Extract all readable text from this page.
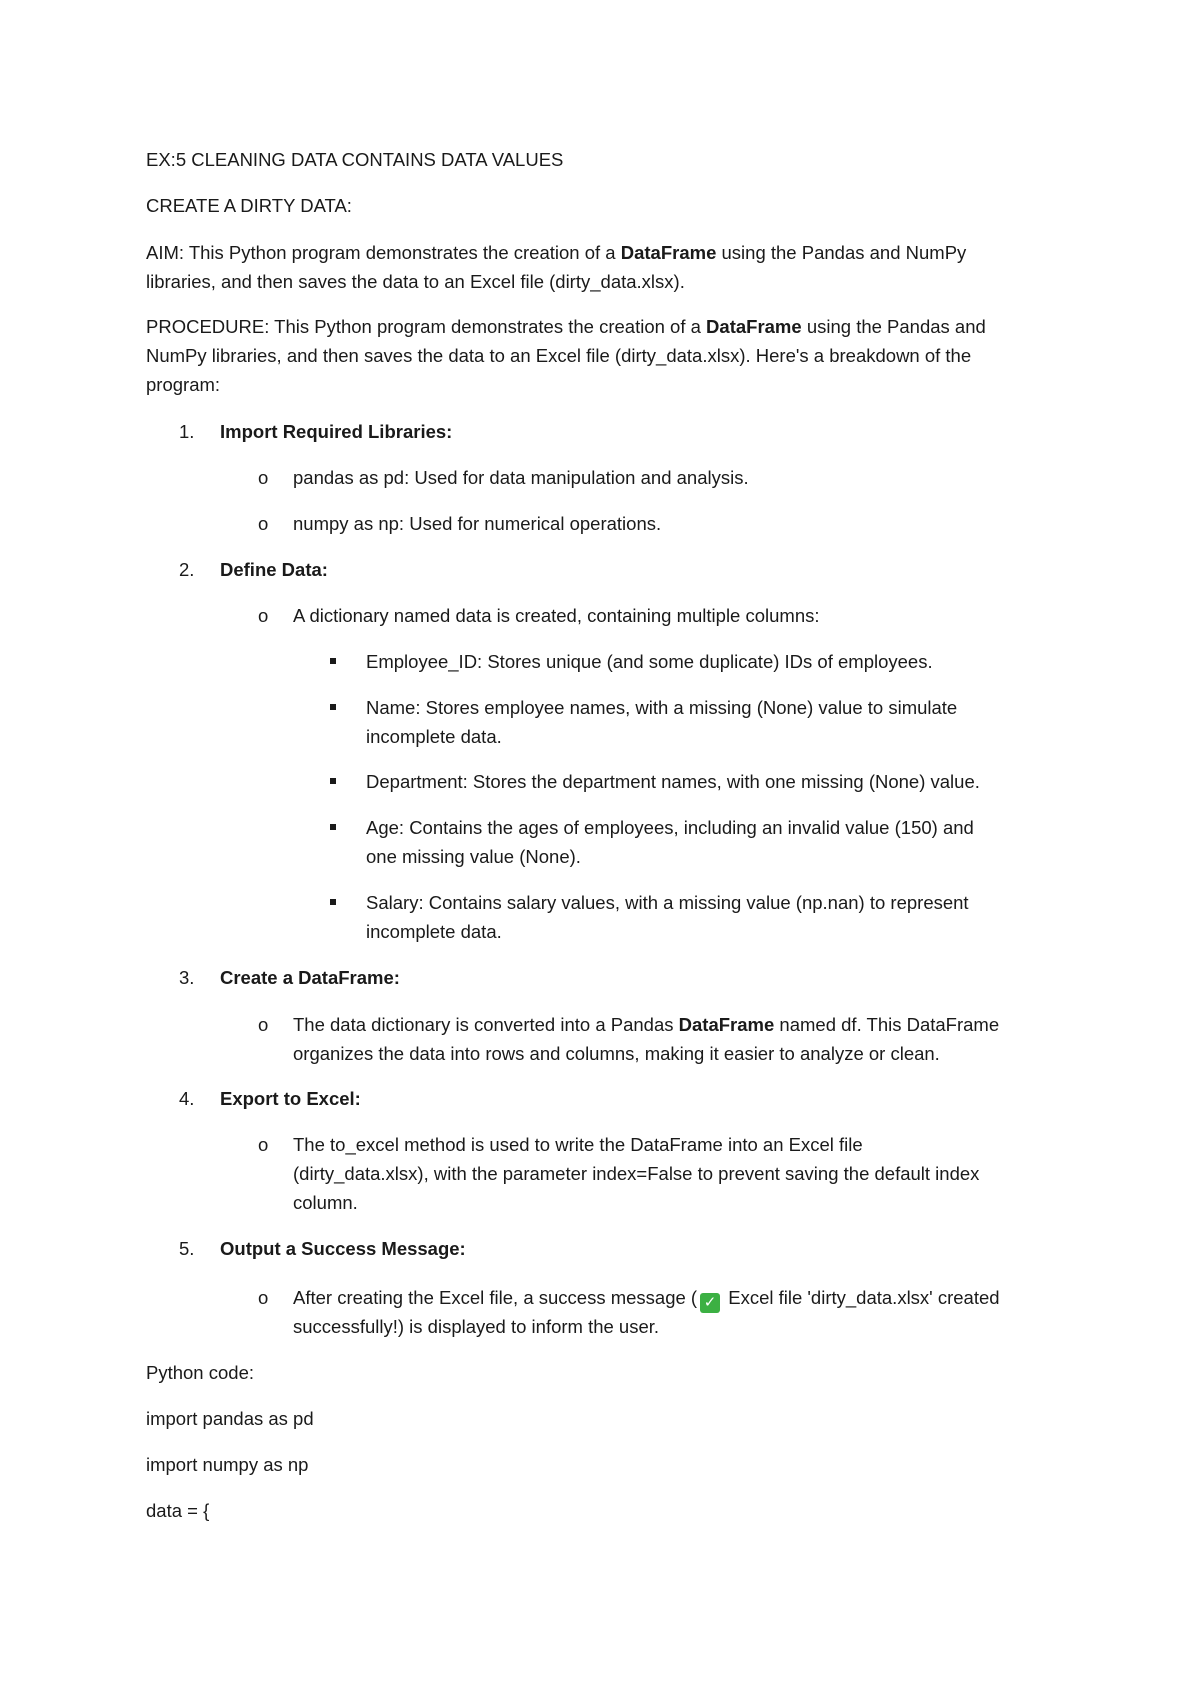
EX:5 CLEANING DATA CONTAINS DATA VALUES
CREATE A DIRTY DATA:
AIM: This Python program demonstrates the creation of a DataFrame using the Pandas and NumPy
libraries, and then saves the data to an Excel file (dirty_data.xlsx).
PROCEDURE: This Python program demonstrates the creation of a DataFrame using the Pandas and
NumPy libraries, and then saves the data to an Excel file (dirty_data.xlsx). Here's a breakdown of the
program:
1.	Import Required Libraries:
o pandas as pd: Used for data manipulation and analysis.
o numpy as np: Used for numerical operations.
2.	Define Data:
o A dictionary named data is created, containing multiple columns:
Employee_ID: Stores unique (and some duplicate) IDs of employees.
Name: Stores employee names, with a missing (None) value to simulate
incomplete data.
Department: Stores the department names, with one missing (None) value.
Age: Contains the ages of employees, including an invalid value (150) and
one missing value (None).
Salary: Contains salary values, with a missing value (np.nan) to represent
incomplete data.
3.	Create a DataFrame:
o The data dictionary is converted into a Pandas DataFrame named df. This DataFrame
organizes the data into rows and columns, making it easier to analyze or clean.
4.	Export to Excel:
o The to_excel method is used to write the DataFrame into an Excel file
(dirty_data.xlsx), with the parameter index=False to prevent saving the default index
column.
5.	Output a Success Message:
o After creating the Excel file, a success message ( ✓ Excel file 'dirty_data.xlsx' created
successfully!) is displayed to inform the user.
Python code:
import pandas as pd
import numpy as np
data = {
